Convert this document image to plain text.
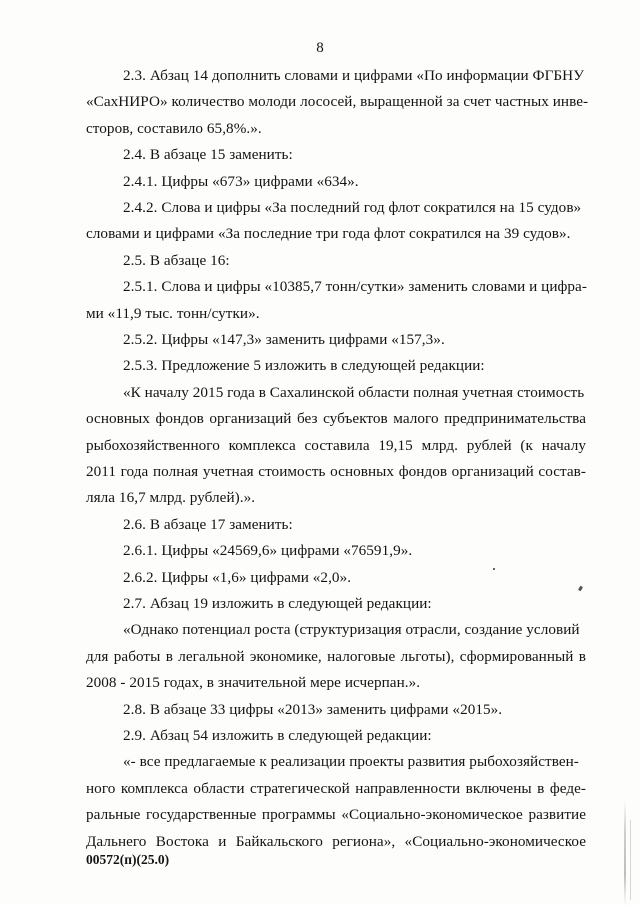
8
2.3. Абзац 14 дополнить словами и цифрами «По информации ФГБНУ
«СахНИРО» количество молоди лососей, выращенной за счет частных инве-
сторов, составило 65,8%.».
2.4. В абзаце 15 заменить:
2.4.1. Цифры «673» цифрами «634».
2.4.2. Слова и цифры «За последний год флот сократился на 15 судов»
словами и цифрами «За последние три года флот сократился на 39 судов».
2.5. В абзаце 16:
2.5.1. Слова и цифры «10385,7 тонн/сутки» заменить словами и цифра-
ми «11,9 тыс. тонн/сутки».
2.5.2. Цифры «147,3» заменить цифрами «157,3».
2.5.3. Предложение 5 изложить в следующей редакции:
«К началу 2015 года в Сахалинской области полная учетная стоимость
основных фондов организаций без субъектов малого предпринимательства
рыбохозяйственного комплекса составила 19,15 млрд. рублей (к началу
2011 года полная учетная стоимость основных фондов организаций состав-
ляла 16,7 млрд. рублей).».
2.6. В абзаце 17 заменить:
2.6.1. Цифры «24569,6» цифрами «76591,9».
2.6.2. Цифры «1,6» цифрами «2,0».
2.7. Абзац 19 изложить в следующей редакции:
«Однако потенциал роста (структуризация отрасли, создание условий
для работы в легальной экономике, налоговые льготы), сформированный в
2008 - 2015 годах, в значительной мере исчерпан.».
2.8. В абзаце 33 цифры «2013» заменить цифрами «2015».
2.9. Абзац 54 изложить в следующей редакции:
«- все предлагаемые к реализации проекты развития рыбохозяйствен-
ного комплекса области стратегической направленности включены в феде-
ральные государственные программы «Социально-экономическое развитие
00572(п)(25.0)
Дальнего Востока и Байкальского региона», «Социально-экономическое
